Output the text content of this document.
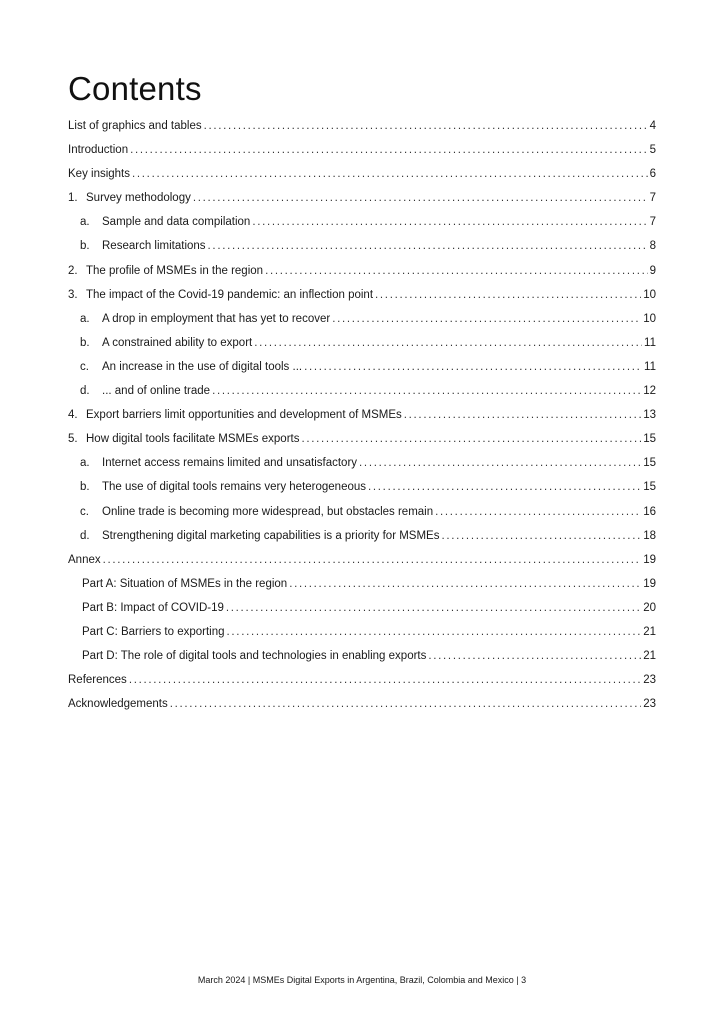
Contents
List of graphics and tables . . .	4
Introduction . . .	5
Key insights . . .	6
1. Survey methodology . . .	7
a.	Sample and data compilation . . .	7
b.	Research limitations . . .	8
2. The profile of MSMEs in the region . . .	9
3. The impact of the Covid-19 pandemic: an inflection point . . .	10
a.	A drop in employment that has yet to recover . . .	10
b.	A constrained ability to export . . .	11
c.	An increase in the use of digital tools ... . . .	11
d.	... and of online trade . . .	12
4. Export barriers limit opportunities and development of MSMEs . . .	13
5. How digital tools facilitate MSMEs exports . . .	15
a.	Internet access remains limited and unsatisfactory . . .	15
b.	The use of digital tools remains very heterogeneous . . .	15
c.	Online trade is becoming more widespread, but obstacles remain . . .	16
d.	Strengthening digital marketing capabilities is a priority for MSMEs . . .	18
Annex . . .	19
Part A: Situation of MSMEs in the region . . .	19
Part B: Impact of COVID-19 . . .	20
Part C: Barriers to exporting . . .	21
Part D: The role of digital tools and technologies in enabling exports . . .	21
References . . .	23
Acknowledgements . . .	23
March 2024 | MSMEs Digital Exports in Argentina, Brazil, Colombia and Mexico | 3
